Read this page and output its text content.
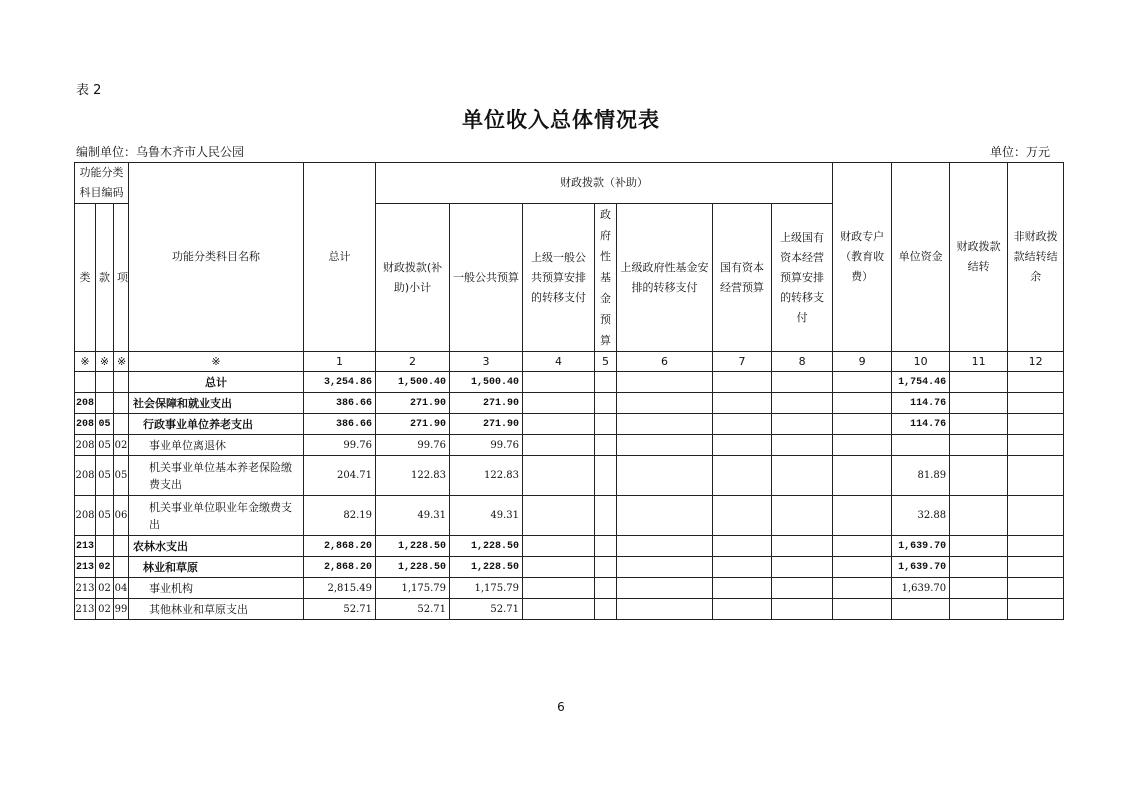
表 2
单位收入总体情况表
编制单位：乌鲁木齐市人民公园	单位：万元
功能分类科目编码			功能分类科目名称	总计	财政拨款（补助）							财政专户（教育收费）	单位资金	财政拨款结转	非财政拨款结转结余
类	款	项			财政拨款(补助)小计	一般公共预算	上级一般公共预算安排的转移支付	政府性基金预算	上级政府性基金安排的转移支付	国有资本经营预算	上级国有资本经营预算安排的转移支付				
※	※	※	※	1	2	3	4	5	6	7	8	9	10	11	12
			总计	3,254.86	1,500.40	1,500.40							1,754.46		
208			社会保障和就业支出	386.66	271.90	271.90							114.76		
208	05		行政事业单位养老支出	386.66	271.90	271.90							114.76		
208	05	02	事业单位离退休	99.76	99.76	99.76									
208	05	05	机关事业单位基本养老保险缴费支出	204.71	122.83	122.83							81.89		
208	05	06	机关事业单位职业年金缴费支出	82.19	49.31	49.31							32.88		
213			农林水支出	2,868.20	1,228.50	1,228.50							1,639.70		
213	02		林业和草原	2,868.20	1,228.50	1,228.50							1,639.70		
213	02	04	事业机构	2,815.49	1,175.79	1,175.79							1,639.70		
213	02	99	其他林业和草原支出	52.71	52.71	52.71									
6
